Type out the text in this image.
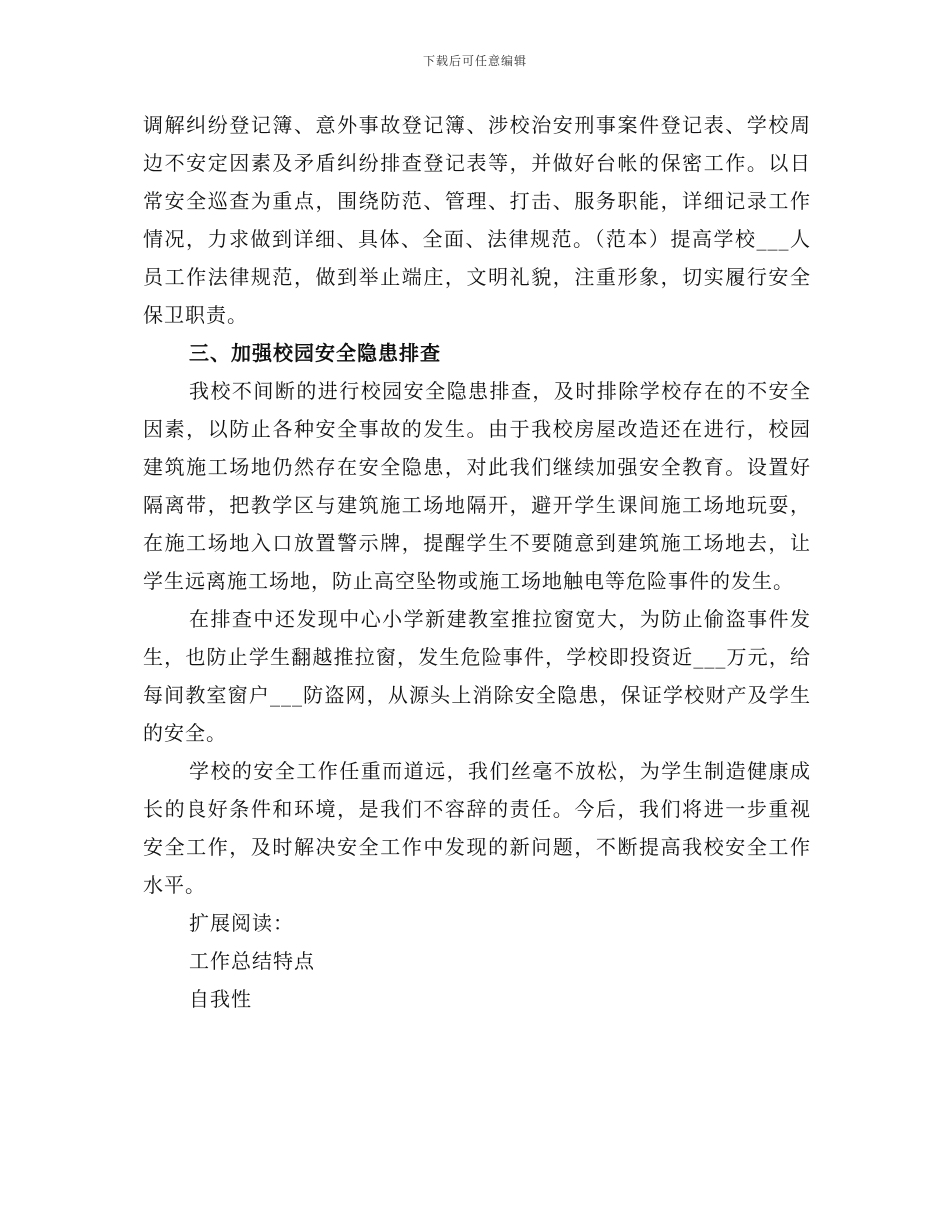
下载后可任意编辑

调解纠纷登记簿、意外事故登记簿、涉校治安刑事案件登记表、学校周边不安定因素及矛盾纠纷排查登记表等，并做好台帐的保密工作。以日常安全巡查为重点，围绕防范、管理、打击、服务职能，详细记录工作情况，力求做到详细、具体、全面、法律规范。（范本）提高学校___人员工作法律规范，做到举止端庄，文明礼貌，注重形象，切实履行安全保卫职责。

三、加强校园安全隐患排查

我校不间断的进行校园安全隐患排查，及时排除学校存在的不安全因素，以防止各种安全事故的发生。由于我校房屋改造还在进行，校园建筑施工场地仍然存在安全隐患，对此我们继续加强安全教育。设置好隔离带，把教学区与建筑施工场地隔开，避开学生课间施工场地玩耍，在施工场地入口放置警示牌，提醒学生不要随意到建筑施工场地去，让学生远离施工场地，防止高空坠物或施工场地触电等危险事件的发生。

在排查中还发现中心小学新建教室推拉窗宽大，为防止偷盗事件发生，也防止学生翻越推拉窗，发生危险事件，学校即投资近___万元，给每间教室窗户___防盗网，从源头上消除安全隐患，保证学校财产及学生的安全。

学校的安全工作任重而道远，我们丝毫不放松，为学生制造健康成长的良好条件和环境，是我们不容辞的责任。今后，我们将进一步重视安全工作，及时解决安全工作中发现的新问题，不断提高我校安全工作水平。

扩展阅读：

工作总结特点

自我性
